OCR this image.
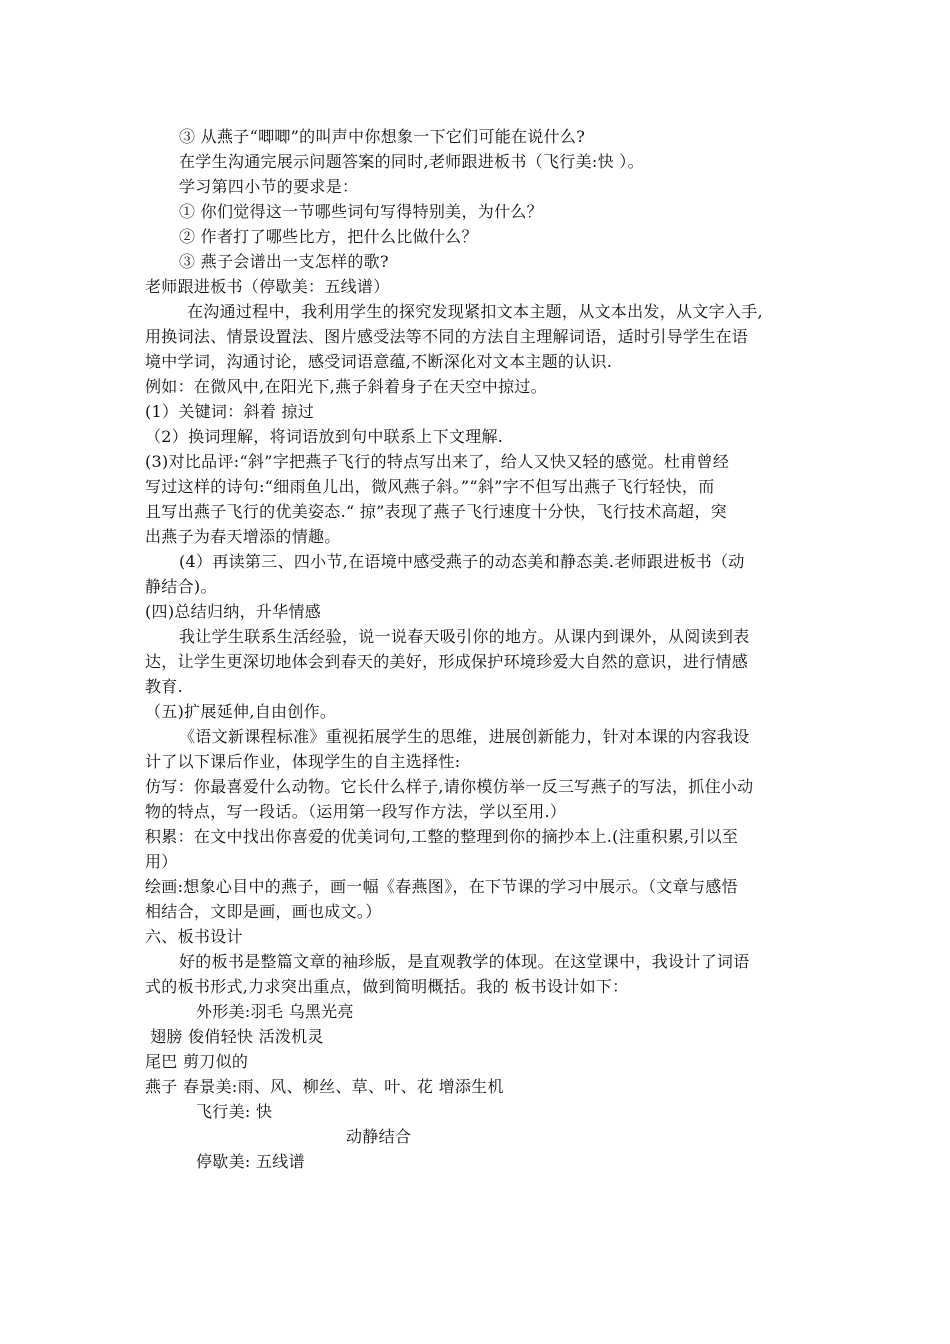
③ 从燕子“唧唧”的叫声中你想象一下它们可能在说什么?
在学生沟通完展示问题答案的同时,老师跟进板书（飞行美:快 ）。
学习第四小节的要求是：
① 你们觉得这一节哪些词句写得特别美，为什么？
② 作者打了哪些比方，把什么比做什么？
③ 燕子会谱出一支怎样的歌?
老师跟进板书（停歇美：五线谱）
在沟通过程中，我利用学生的探究发现紧扣文本主题，从文本出发，从文字入手,
用换词法、情景设置法、图片感受法等不同的方法自主理解词语，适时引导学生在语
境中学词，沟通讨论，感受词语意蕴,不断深化对文本主题的认识.
例如：在微风中,在阳光下,燕子斜着身子在天空中掠过。
(1）关键词：斜着 掠过
（2）换词理解，将词语放到句中联系上下文理解.
(3)对比品评:“斜”字把燕子飞行的特点写出来了，给人又快又轻的感觉。杜甫曾经
写过这样的诗句:“细雨鱼儿出，微风燕子斜。”“斜”字不但写出燕子飞行轻快，而
且写出燕子飞行的优美姿态.“ 掠”表现了燕子飞行速度十分快，飞行技术高超，突
出燕子为春天增添的情趣。
(4）再读第三、四小节,在语境中感受燕子的动态美和静态美.老师跟进板书（动
静结合)。
(四)总结归纳，升华情感
我让学生联系生活经验，说一说春天吸引你的地方。从课内到课外，从阅读到表
达，让学生更深切地体会到春天的美好，形成保护环境珍爱大自然的意识，进行情感
教育.
（五)扩展延伸,自由创作。
《语文新课程标准》重视拓展学生的思维，进展创新能力，针对本课的内容我设
计了以下课后作业，体现学生的自主选择性:
仿写：你最喜爱什么动物。它长什么样子,请你模仿举一反三写燕子的写法，抓住小动
物的特点，写一段话。（运用第一段写作方法，学以至用.）
积累：在文中找出你喜爱的优美词句,工整的整理到你的摘抄本上.(注重积累,引以至
用）
绘画:想象心目中的燕子，画一幅《春燕图》，在下节课的学习中展示。（文章与感悟
相结合，文即是画，画也成文。）
六、板书设计
好的板书是整篇文章的袖珍版，是直观教学的体现。在这堂课中，我设计了词语
式的板书形式,力求突出重点，做到简明概括。我的 板书设计如下：
外形美:羽毛 乌黑光亮
翅膀 俊俏轻快 活泼机灵
尾巴 剪刀似的
燕子 春景美:雨、风、柳丝、草、叶、花 增添生机
飞行美: 快
动静结合
停歇美: 五线谱
